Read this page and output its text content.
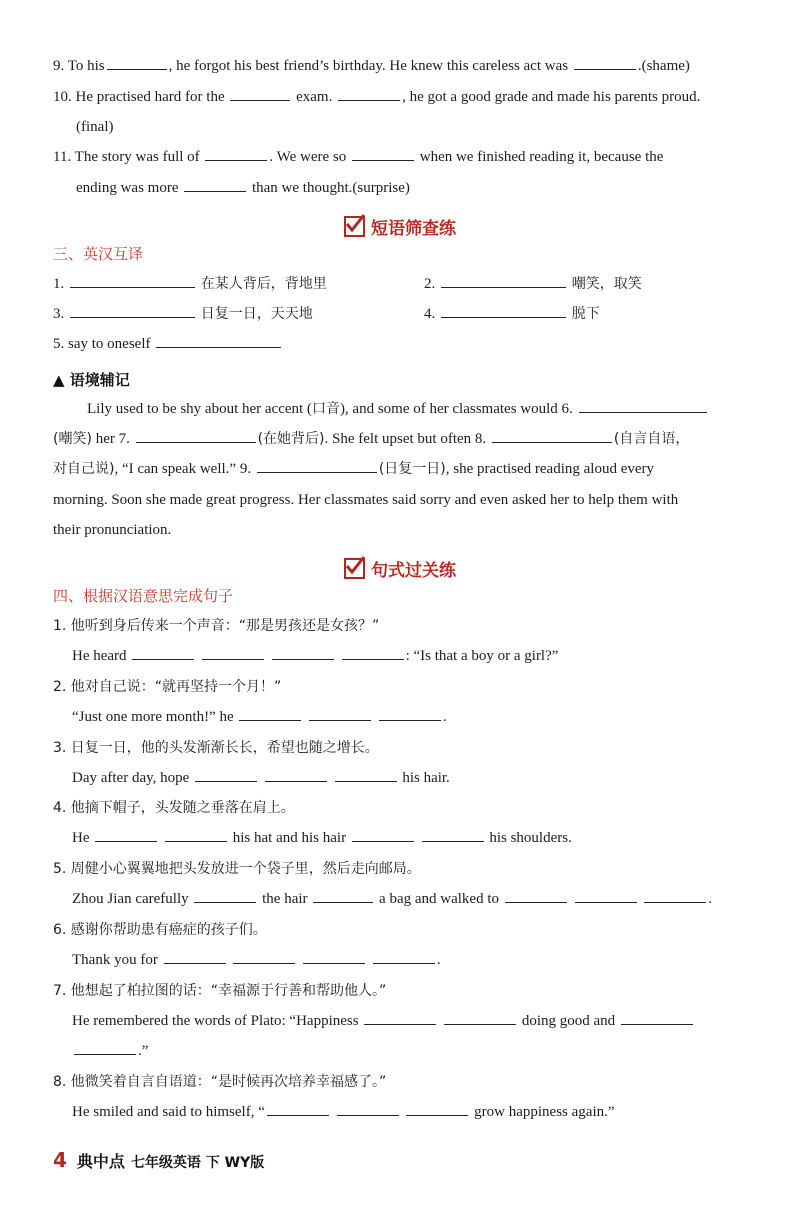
9. To his	, he forgot his best friend’s birthday. He knew this careless act was	.(shame)
10. He practised hard for the	exam.	, he got a good grade and made his parents proud.
(final)
11. The story was full of	. We were so	when we finished reading it, because the
ending was more	than we thought.(surprise)
短语筛查练
三、英汉互译
1.	在某人背后，背地里	2.	嘲笑，取笑
3.	日复一日，天天地	4.	脱下
5. say to oneself
▲ 语境辅记
Lily used to be shy about her accent (口音), and some of her classmates would 6.
(嘲笑) her 7.	(在她背后). She felt upset but often 8.	(自言自语，
对自己说), “I can speak well.” 9.	(日复一日), she practised reading aloud every
morning. Soon she made great progress. Her classmates said sorry and even asked her to help them with
their pronunciation.
句式过关练
四、根据汉语意思完成句子
1. 他听到身后传来一个声音：“那是男孩还是女孩？”
He heard	: “Is that a boy or a girl?”
2. 他对自己说：“就再坚持一个月！”
“Just one more month!” he	.
3. 日复一日，他的头发渐渐长长，希望也随之增长。
Day after day, hope	his hair.
4. 他摘下帽子，头发随之垂落在肩上。
He	his hat and his hair	his shoulders.
5. 周健小心翼翼地把头发放进一个袋子里，然后走向邮局。
Zhou Jian carefully	the hair	a bag and walked to	.
6. 感谢你帮助患有癌症的孩子们。
Thank you for	.
7. 他想起了柏拉图的话：“幸福源于行善和帮助他人。”
He remembered the words of Plato: “Happiness	doing good and
.”
8. 他微笑着自言自语道：“是时候再次培养幸福感了。”
He smiled and said to himself, “	grow happiness again.”
4 典中点 七年级英语 下 WY版
